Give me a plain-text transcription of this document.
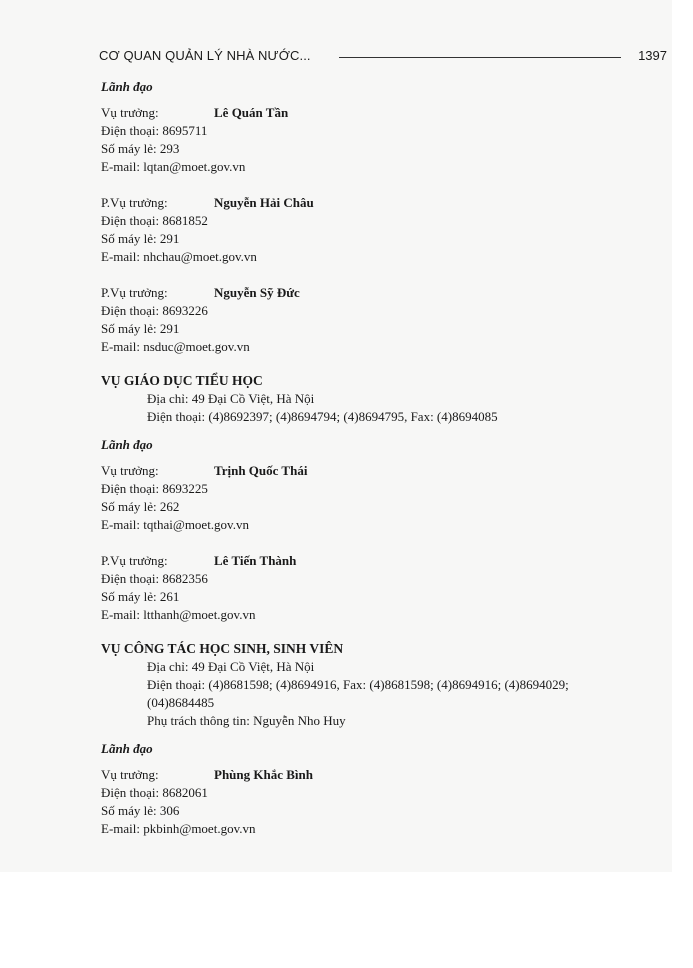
CƠ QUAN QUẢN LÝ NHÀ NƯỚC...	1397
Lãnh đạo
Vụ trưởng:	Lê Quán Tần
Điện thoại: 8695711
Số máy lẻ: 293
E-mail: lqtan@moet.gov.vn
P.Vụ trưởng:	Nguyễn Hải Châu
Điện thoại: 8681852
Số máy lẻ: 291
E-mail: nhchau@moet.gov.vn
P.Vụ trưởng:	Nguyễn Sỹ Đức
Điện thoại: 8693226
Số máy lẻ: 291
E-mail: nsduc@moet.gov.vn
VỤ GIÁO DỤC TIỂU HỌC
Địa chỉ: 49 Đại Cồ Việt, Hà Nội
Điện thoại: (4)8692397; (4)8694794; (4)8694795, Fax: (4)8694085
Lãnh đạo
Vụ trưởng:	Trịnh Quốc Thái
Điện thoại: 8693225
Số máy lẻ: 262
E-mail: tqthai@moet.gov.vn
P.Vụ trưởng:	Lê Tiến Thành
Điện thoại: 8682356
Số máy lẻ: 261
E-mail: ltthanh@moet.gov.vn
VỤ CÔNG TÁC HỌC SINH, SINH VIÊN
Địa chỉ: 49 Đại Cồ Việt, Hà Nội
Điện thoại: (4)8681598; (4)8694916, Fax: (4)8681598; (4)8694916; (4)8694029;
(04)8684485
Phụ trách thông tin: Nguyễn Nho Huy
Lãnh đạo
Vụ trưởng:	Phùng Khắc Bình
Điện thoại: 8682061
Số máy lẻ: 306
E-mail: pkbinh@moet.gov.vn
